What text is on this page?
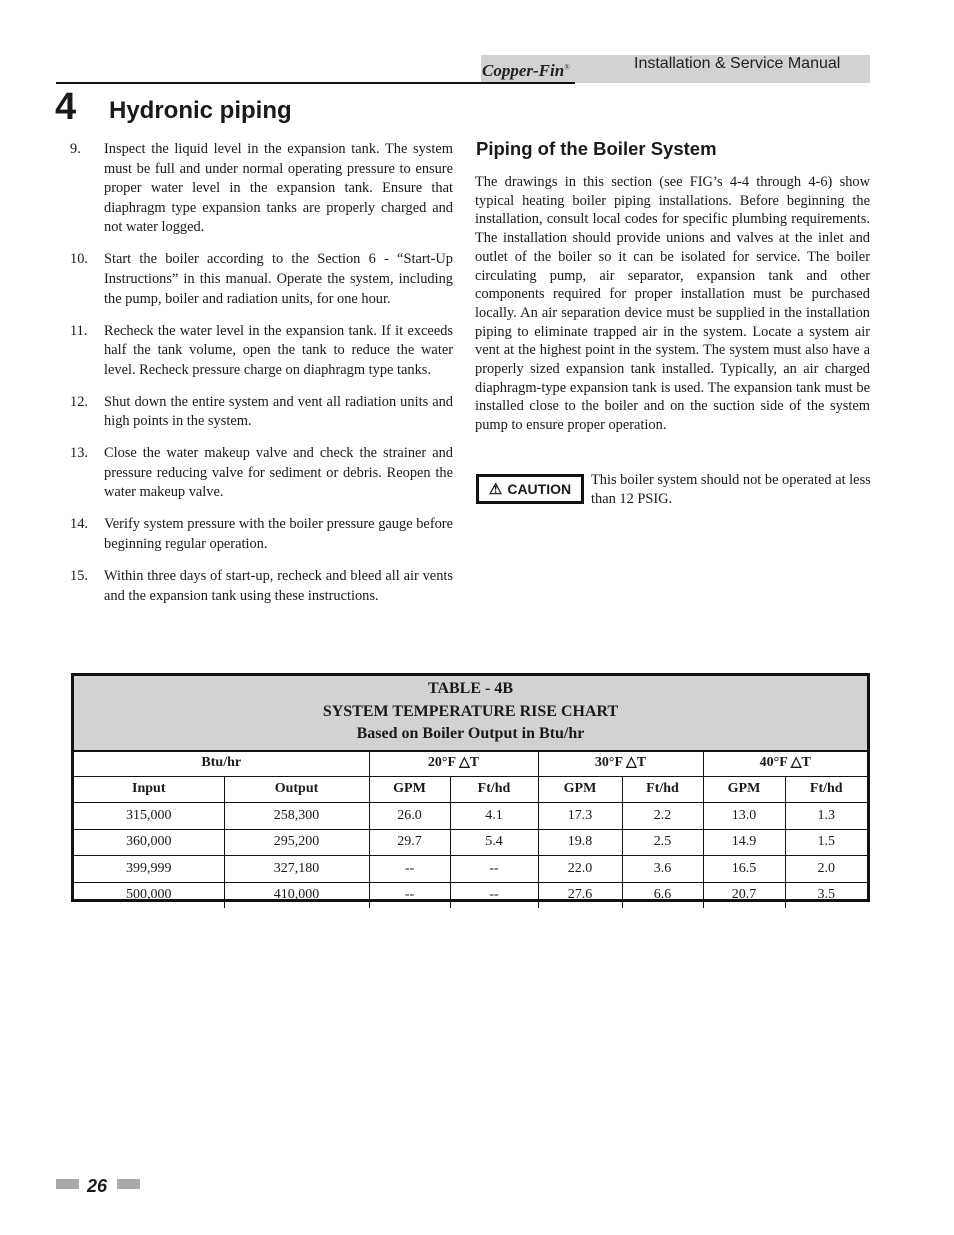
Copper-Fin®	Installation & Service Manual
4 Hydronic piping
9. Inspect the liquid level in the expansion tank. The system must be full and under normal operating pressure to ensure proper water level in the expansion tank. Ensure that diaphragm type expansion tanks are properly charged and not water logged.
10. Start the boiler according to the Section 6 - “Start-Up Instructions” in this manual. Operate the system, including the pump, boiler and radiation units, for one hour.
11. Recheck the water level in the expansion tank. If it exceeds half the tank volume, open the tank to reduce the water level. Recheck pressure charge on diaphragm type tanks.
12. Shut down the entire system and vent all radiation units and high points in the system.
13. Close the water makeup valve and check the strainer and pressure reducing valve for sediment or debris. Reopen the water makeup valve.
14. Verify system pressure with the boiler pressure gauge before beginning regular operation.
15. Within three days of start-up, recheck and bleed all air vents and the expansion tank using these instructions.
Piping of the Boiler System
The drawings in this section (see FIG’s 4-4 through 4-6) show typical heating boiler piping installations. Before beginning the installation, consult local codes for specific plumbing requirements. The installation should provide unions and valves at the inlet and outlet of the boiler so it can be isolated for service. The boiler circulating pump, air separator, expansion tank and other components required for proper installation must be purchased locally. An air separation device must be supplied in the installation piping to eliminate trapped air in the system. Locate a system air vent at the highest point in the system. The system must also have a properly sized expansion tank installed. Typically, an air charged diaphragm-type expansion tank is used. The expansion tank must be installed close to the boiler and on the suction side of the system pump to ensure proper operation.
⚠ CAUTION
This boiler system should not be operated at less than 12 PSIG.
TABLE - 4B
SYSTEM TEMPERATURE RISE CHART
Based on Boiler Output in Btu/hr
Btu/hr		20°F △T		30°F △T		40°F △T	
Input	Output	GPM	Ft/hd	GPM	Ft/hd	GPM	Ft/hd
315,000	258,300	26.0	4.1	17.3	2.2	13.0	1.3
360,000	295,200	29.7	5.4	19.8	2.5	14.9	1.5
399,999	327,180	--	--	22.0	3.6	16.5	2.0
500,000	410,000	--	--	27.6	6.6	20.7	3.5
26
